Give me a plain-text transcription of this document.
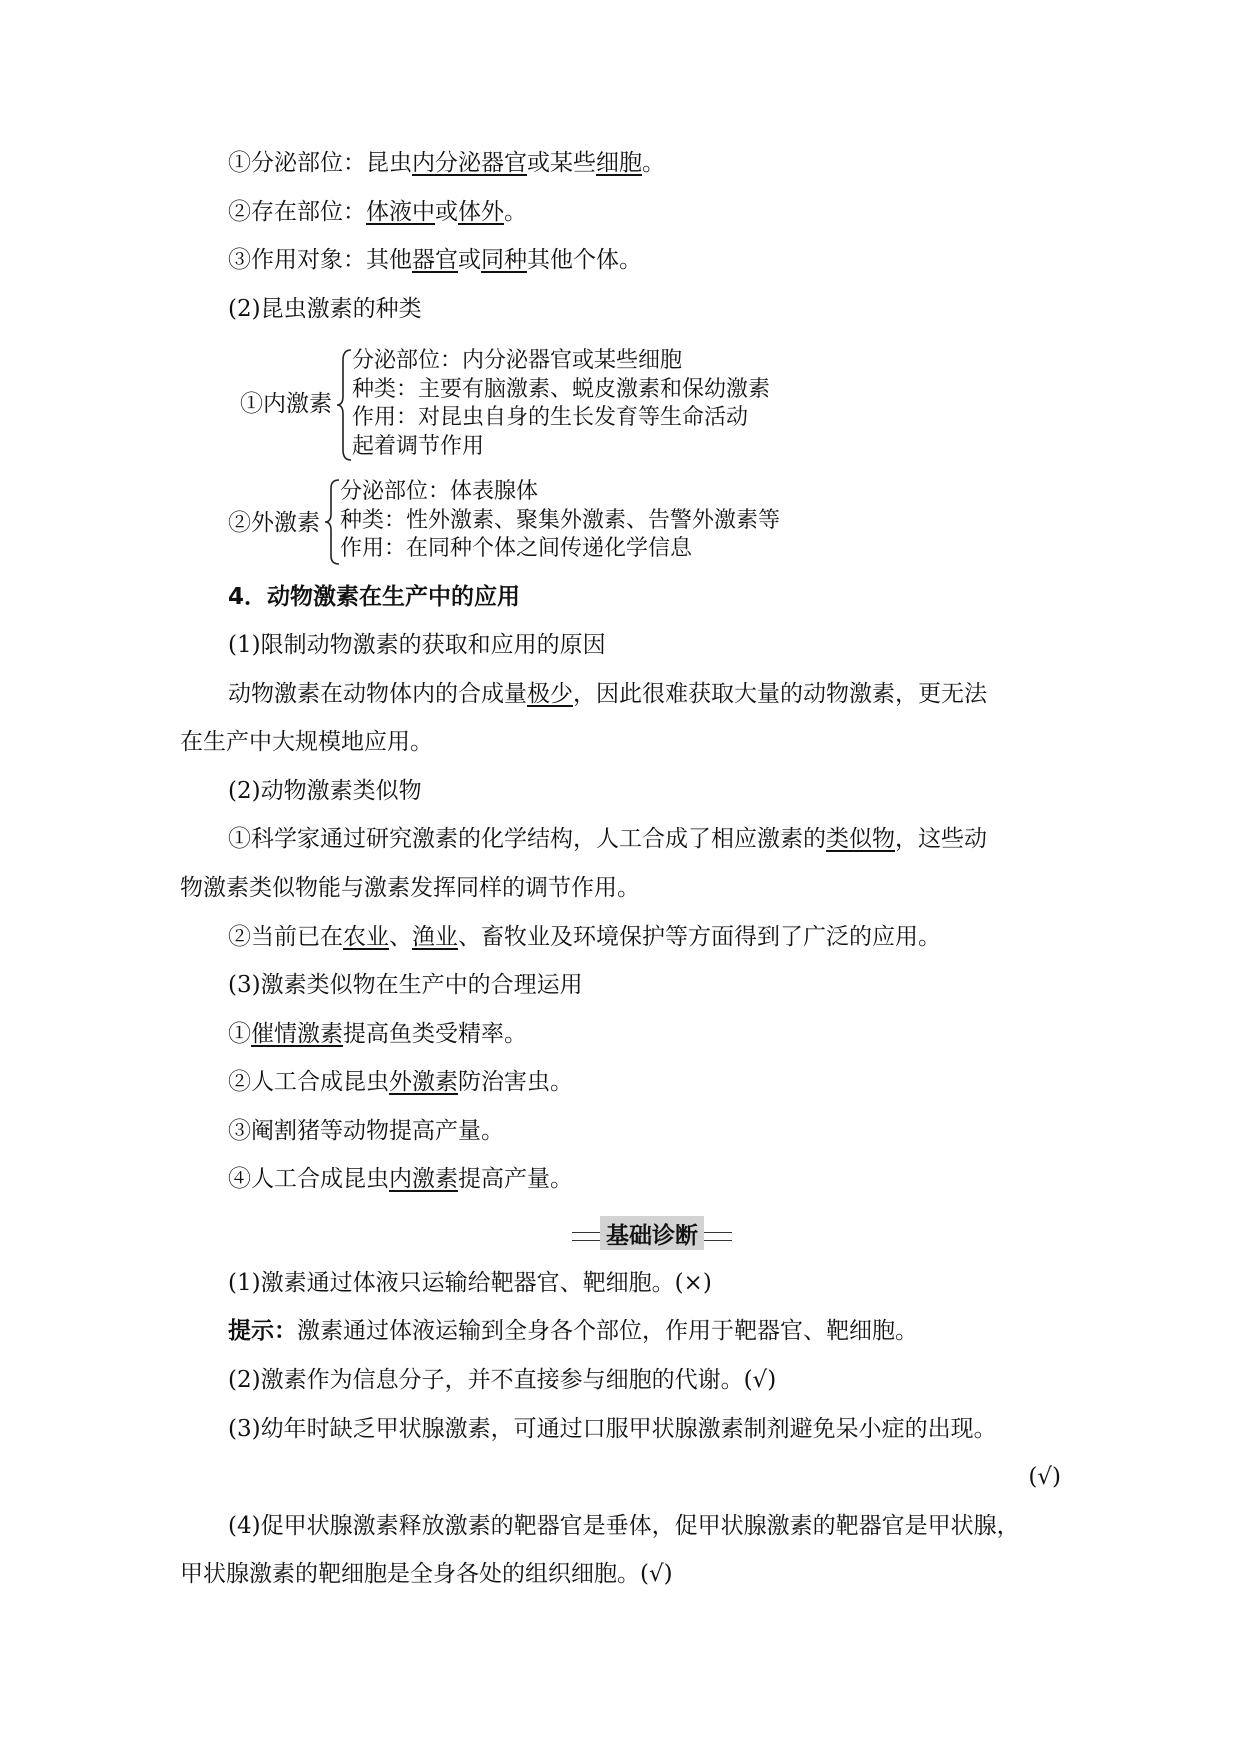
①分泌部位：昆虫内分泌器官或某些细胞。
②存在部位：体液中或体外。
③作用对象：其他器官或同种其他个体。
(2)昆虫激素的种类
①内激素
分泌部位：内分泌器官或某些细胞
种类：主要有脑激素、蜕皮激素和保幼激素
作用：对昆虫自身的生长发育等生命活动
起着调节作用
②外激素
分泌部位：体表腺体
种类：性外激素、聚集外激素、告警外激素等
作用：在同种个体之间传递化学信息
4．动物激素在生产中的应用
(1)限制动物激素的获取和应用的原因
动物激素在动物体内的合成量极少，因此很难获取大量的动物激素，更无法
在生产中大规模地应用。
(2)动物激素类似物
①科学家通过研究激素的化学结构，人工合成了相应激素的类似物，这些动
物激素类似物能与激素发挥同样的调节作用。
②当前已在农业、渔业、畜牧业及环境保护等方面得到了广泛的应用。
(3)激素类似物在生产中的合理运用
①催情激素提高鱼类受精率。
②人工合成昆虫外激素防治害虫。
③阉割猪等动物提高产量。
④人工合成昆虫内激素提高产量。
基础诊断
(1)激素通过体液只运输给靶器官、靶细胞。(×)
提示：激素通过体液运输到全身各个部位，作用于靶器官、靶细胞。
(2)激素作为信息分子，并不直接参与细胞的代谢。(√)
(3)幼年时缺乏甲状腺激素，可通过口服甲状腺激素制剂避免呆小症的出现。
(√)
(4)促甲状腺激素释放激素的靶器官是垂体，促甲状腺激素的靶器官是甲状腺，
甲状腺激素的靶细胞是全身各处的组织细胞。(√)
